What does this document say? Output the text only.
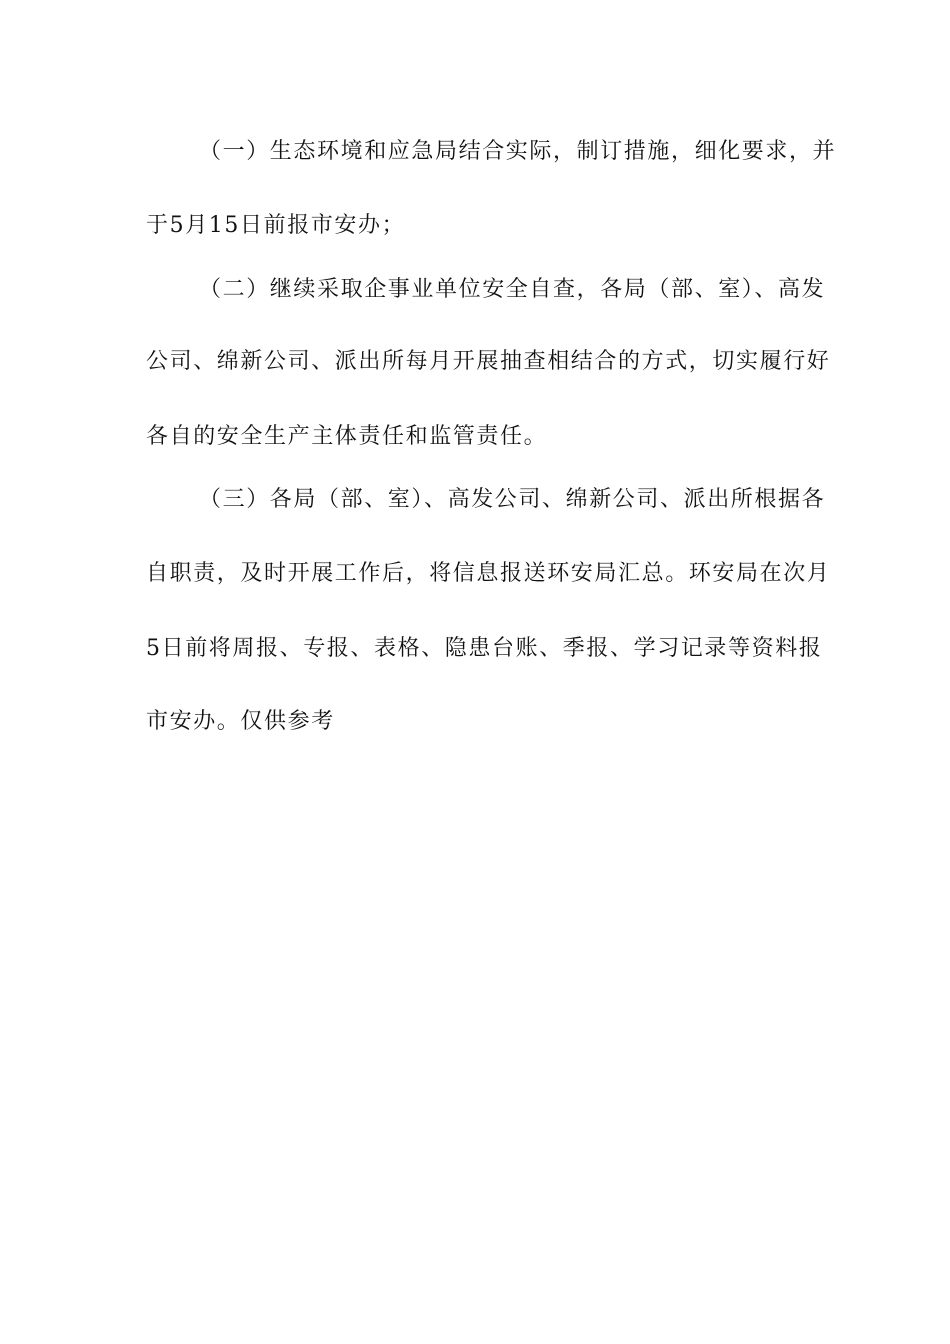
（一）生态环境和应急局结合实际，制订措施，细化要求，并
于5月15日前报市安办；
（二）继续采取企事业单位安全自查，各局（部、室）、高发
公司、绵新公司、派出所每月开展抽查相结合的方式，切实履行好
各自的安全生产主体责任和监管责任。
（三）各局（部、室）、高发公司、绵新公司、派出所根据各
自职责，及时开展工作后，将信息报送环安局汇总。环安局在次月
5日前将周报、专报、表格、隐患台账、季报、学习记录等资料报
市安办。仅供参考
